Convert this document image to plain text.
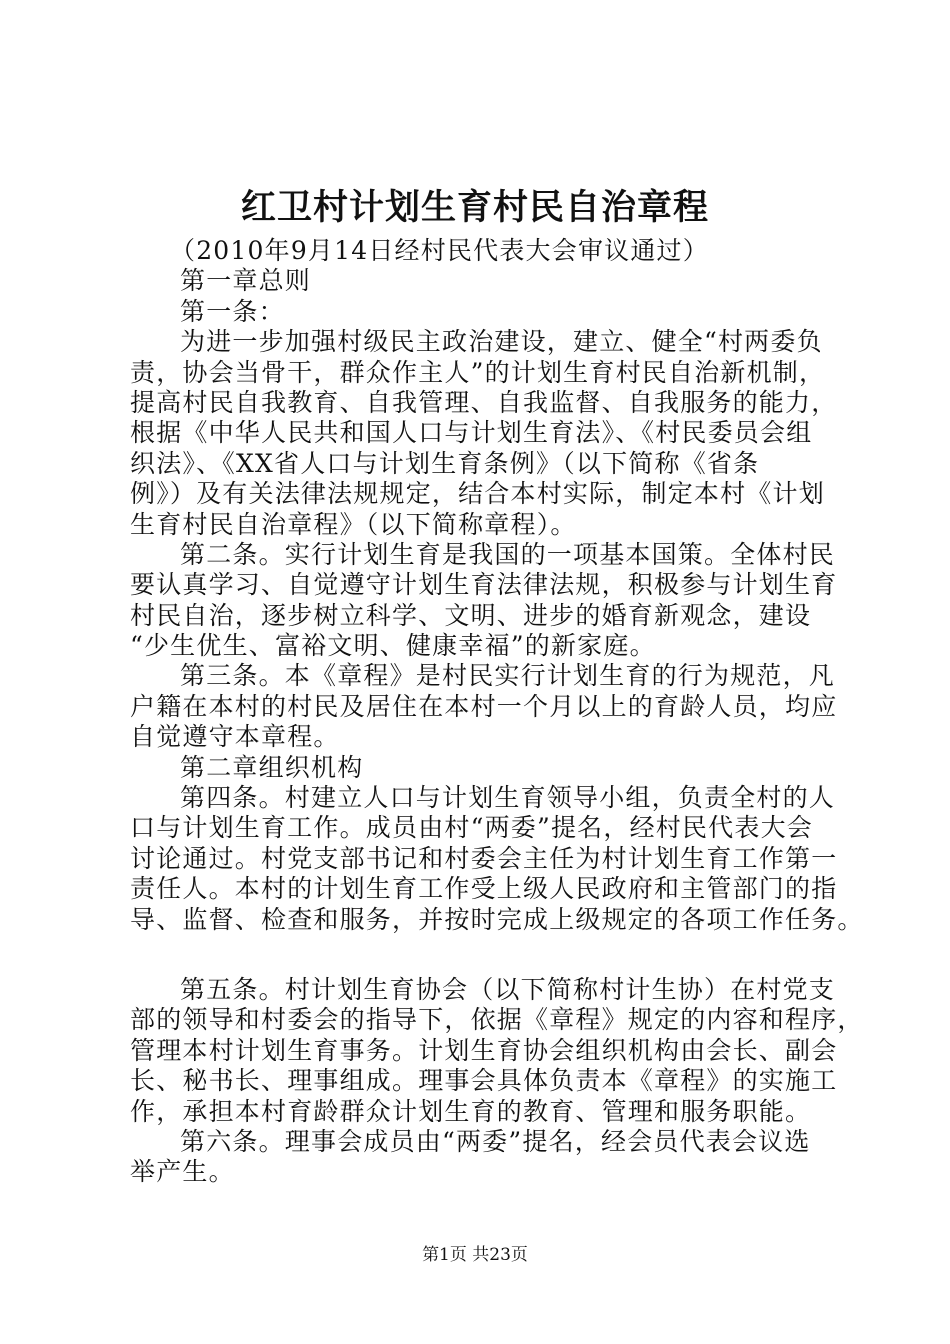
红卫村计划生育村民自治章程
（2010年9月14日经村民代表大会审议通过）
第一章总则
第一条：
为进一步加强村级民主政治建设，建立、健全“村两委负
责，协会当骨干，群众作主人”的计划生育村民自治新机制，
提高村民自我教育、自我管理、自我监督、自我服务的能力，
根据《中华人民共和国人口与计划生育法》、《村民委员会组
织法》、《XX省人口与计划生育条例》（以下简称《省条
例》）及有关法律法规规定，结合本村实际，制定本村《计划
生育村民自治章程》（以下简称章程）。
第二条。实行计划生育是我国的一项基本国策。全体村民
要认真学习、自觉遵守计划生育法律法规，积极参与计划生育
村民自治，逐步树立科学、文明、进步的婚育新观念，建设
“少生优生、富裕文明、健康幸福”的新家庭。
第三条。本《章程》是村民实行计划生育的行为规范，凡
户籍在本村的村民及居住在本村一个月以上的育龄人员，均应
自觉遵守本章程。
第二章组织机构
第四条。村建立人口与计划生育领导小组，负责全村的人
口与计划生育工作。成员由村“两委”提名，经村民代表大会
讨论通过。村党支部书记和村委会主任为村计划生育工作第一
责任人。本村的计划生育工作受上级人民政府和主管部门的指
导、监督、检查和服务，并按时完成上级规定的各项工作任务。
第五条。村计划生育协会（以下简称村计生协）在村党支
部的领导和村委会的指导下，依据《章程》规定的内容和程序，
管理本村计划生育事务。计划生育协会组织机构由会长、副会
长、秘书长、理事组成。理事会具体负责本《章程》的实施工
作，承担本村育龄群众计划生育的教育、管理和服务职能。
第六条。理事会成员由“两委”提名，经会员代表会议选
举产生。
第1页 共23页
